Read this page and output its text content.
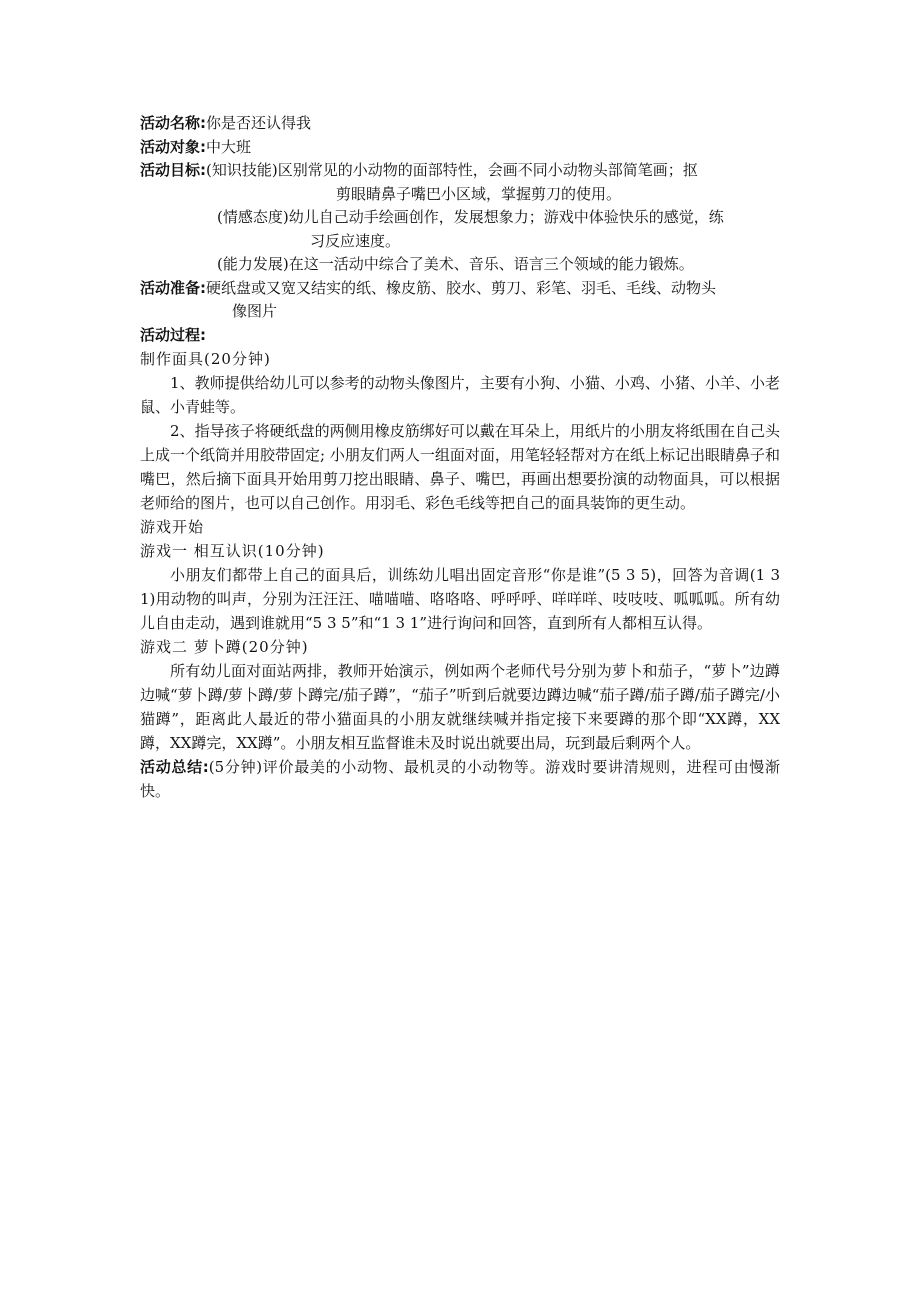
活动名称:你是否还认得我
活动对象:中大班
活动目标:(知识技能)区别常见的小动物的面部特性，会画不同小动物头部简笔画；抠
剪眼睛鼻子嘴巴小区域，掌握剪刀的使用。
(情感态度)幼儿自己动手绘画创作，发展想象力；游戏中体验快乐的感觉，练
习反应速度。
(能力发展)在这一活动中综合了美术、音乐、语言三个领域的能力锻炼。
活动准备:硬纸盘或又宽又结实的纸、橡皮筋、胶水、剪刀、彩笔、羽毛、毛线、动物头
像图片
活动过程:
制作面具(20分钟)
1、教师提供给幼儿可以参考的动物头像图片，主要有小狗、小猫、小鸡、小猪、小羊、小老鼠、小青蛙等。
2、指导孩子将硬纸盘的两侧用橡皮筋绑好可以戴在耳朵上，用纸片的小朋友将纸围在自己头上成一个纸筒并用胶带固定; 小朋友们两人一组面对面，用笔轻轻帮对方在纸上标记出眼睛鼻子和嘴巴，然后摘下面具开始用剪刀挖出眼睛、鼻子、嘴巴，再画出想要扮演的动物面具，可以根据老师给的图片，也可以自己创作。用羽毛、彩色毛线等把自己的面具装饰的更生动。
游戏开始
游戏一 相互认识(10分钟)
小朋友们都带上自己的面具后，训练幼儿唱出固定音形“你是谁”(5 3 5)，回答为音调(1 3 1)用动物的叫声，分别为汪汪汪、喵喵喵、咯咯咯、呼呼呼、咩咩咩、吱吱吱、呱呱呱。所有幼儿自由走动，遇到谁就用“5 3 5”和“1 3 1”进行询问和回答，直到所有人都相互认得。
游戏二 萝卜蹲(20分钟)
所有幼儿面对面站两排，教师开始演示，例如两个老师代号分别为萝卜和茄子，“萝卜”边蹲边喊“萝卜蹲/萝卜蹲/萝卜蹲完/茄子蹲”，“茄子”听到后就要边蹲边喊“茄子蹲/茄子蹲/茄子蹲完/小猫蹲”，距离此人最近的带小猫面具的小朋友就继续喊并指定接下来要蹲的那个即“XX蹲，XX蹲，XX蹲完，XX蹲”。小朋友相互监督谁未及时说出就要出局，玩到最后剩两个人。
活动总结:(5分钟)评价最美的小动物、最机灵的小动物等。游戏时要讲清规则，进程可由慢渐快。
